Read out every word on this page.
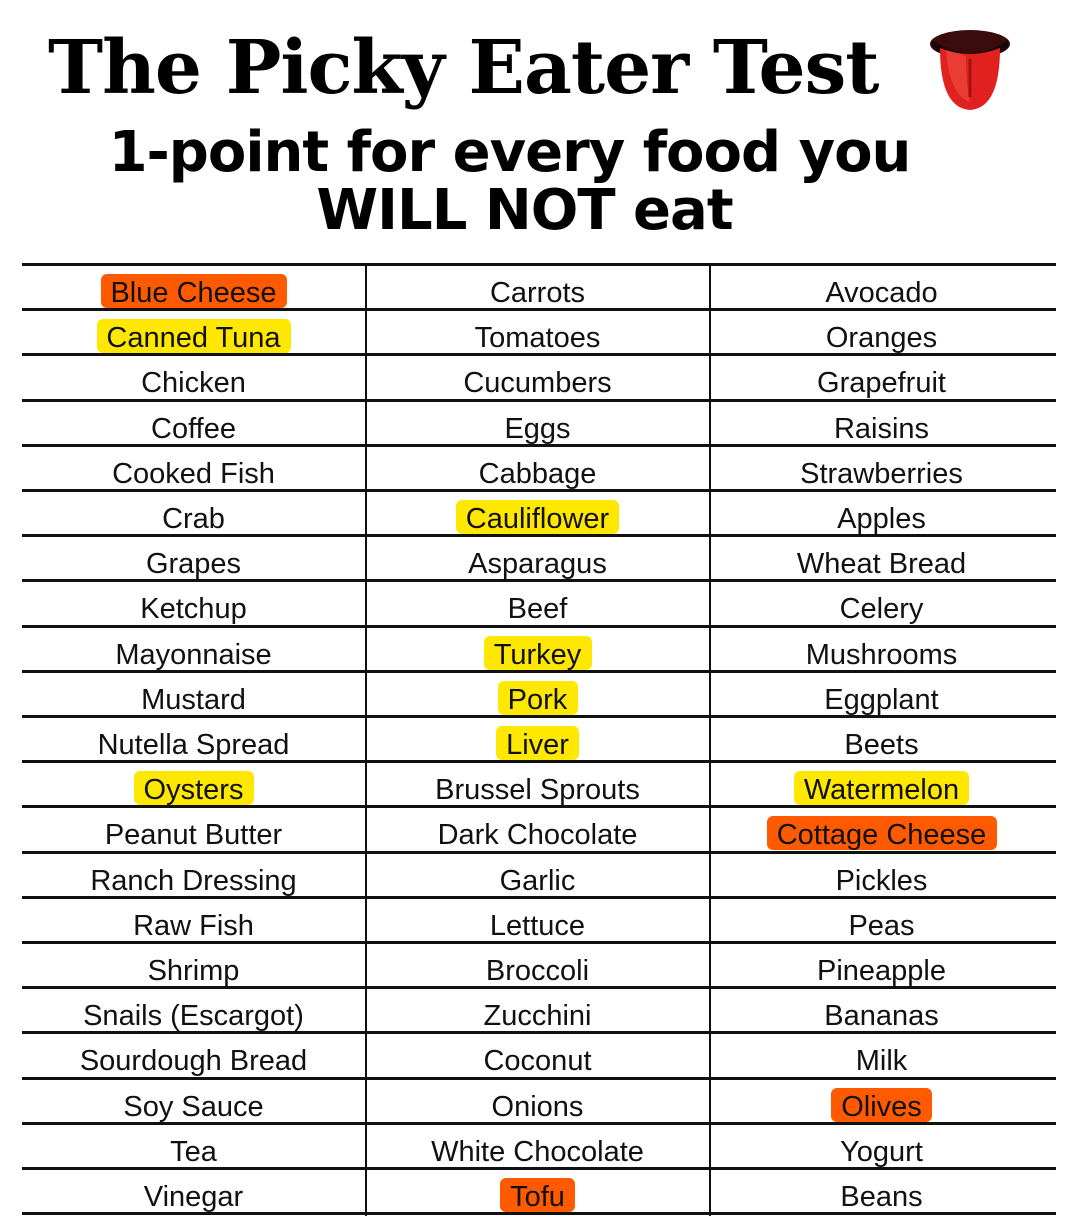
The Picky Eater Test
1-point for every food you
WILL NOT eat
Blue Cheese	Carrots	Avocado
Canned Tuna	Tomatoes	Oranges
Chicken	Cucumbers	Grapefruit
Coffee	Eggs	Raisins
Cooked Fish	Cabbage	Strawberries
Crab	Cauliflower	Apples
Grapes	Asparagus	Wheat Bread
Ketchup	Beef	Celery
Mayonnaise	Turkey	Mushrooms
Mustard	Pork	Eggplant
Nutella Spread	Liver	Beets
Oysters	Brussel Sprouts	Watermelon
Peanut Butter	Dark Chocolate	Cottage Cheese
Ranch Dressing	Garlic	Pickles
Raw Fish	Lettuce	Peas
Shrimp	Broccoli	Pineapple
Snails (Escargot)	Zucchini	Bananas
Sourdough Bread	Coconut	Milk
Soy Sauce	Onions	Olives
Tea	White Chocolate	Yogurt
Vinegar	Tofu	Beans
